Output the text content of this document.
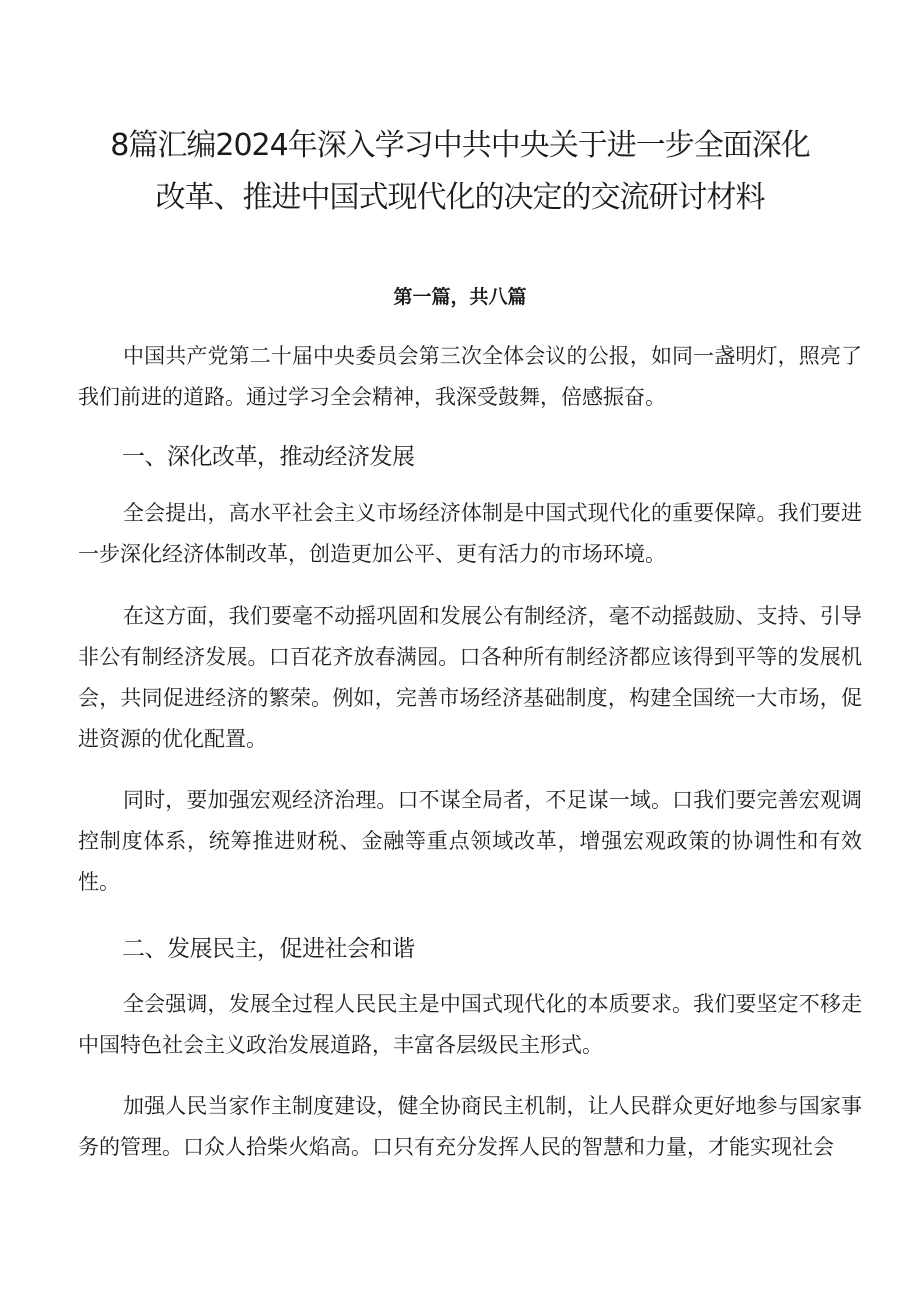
8篇汇编2024年深入学习中共中央关于进一步全面深化改革、推进中国式现代化的决定的交流研讨材料
第一篇，共八篇

中国共产党第二十届中央委员会第三次全体会议的公报，如同一盏明灯，照亮了我们前进的道路。通过学习全会精神，我深受鼓舞，倍感振奋。

一、深化改革，推动经济发展

全会提出，高水平社会主义市场经济体制是中国式现代化的重要保障。我们要进一步深化经济体制改革，创造更加公平、更有活力的市场环境。

在这方面，我们要毫不动摇巩固和发展公有制经济，毫不动摇鼓励、支持、引导非公有制经济发展。口百花齐放春满园。口各种所有制经济都应该得到平等的发展机会，共同促进经济的繁荣。例如，完善市场经济基础制度，构建全国统一大市场，促进资源的优化配置。

同时，要加强宏观经济治理。口不谋全局者，不足谋一域。口我们要完善宏观调控制度体系，统筹推进财税、金融等重点领域改革，增强宏观政策的协调性和有效性。

二、发展民主，促进社会和谐

全会强调，发展全过程人民民主是中国式现代化的本质要求。我们要坚定不移走中国特色社会主义政治发展道路，丰富各层级民主形式。

加强人民当家作主制度建设，健全协商民主机制，让人民群众更好地参与国家事务的管理。口众人拾柴火焰高。口只有充分发挥人民的智慧和力量，才能实现社会
